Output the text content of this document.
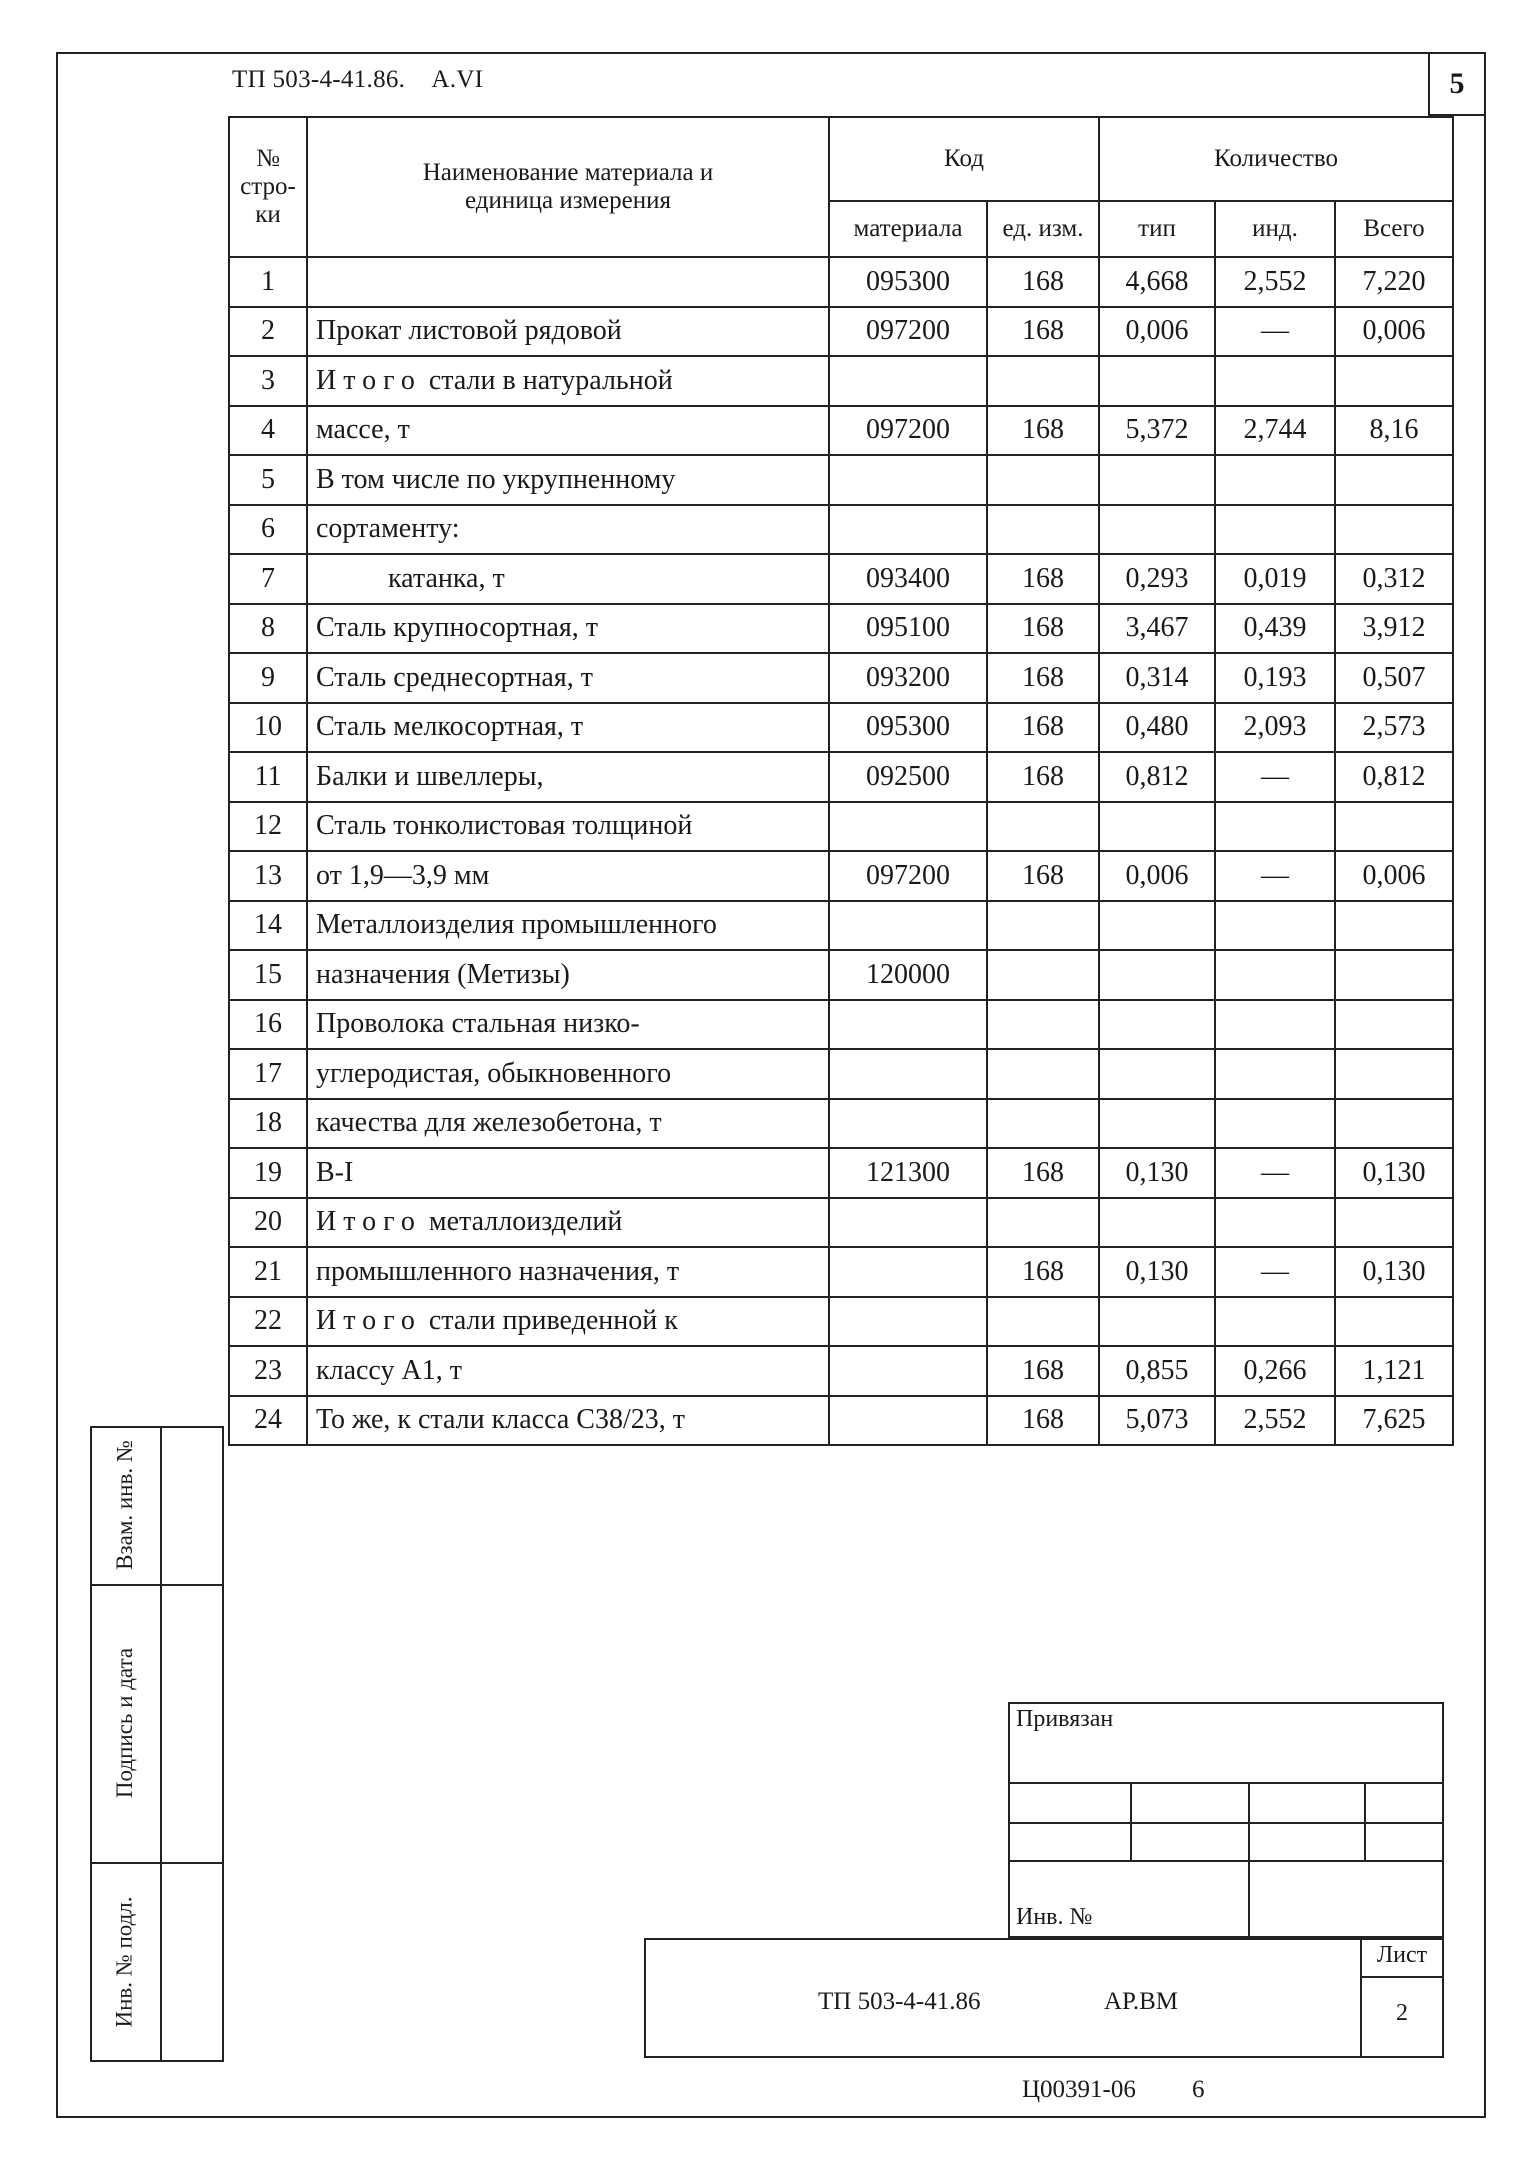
ТП 503-4-41.86.    A.VI	5
№ стро-ки	Наименование материала и единица измерения	Код		Количество		
		материала	ед. изм.	тип	инд.	Всего
1		095300	168	4,668	2,552	7,220
2	Прокат листовой рядовой	097200	168	0,006	—	0,006
3	Итого стали в натуральной					
4	массе, т	097200	168	5,372	2,744	8,16
5	В том числе по укрупненному					
6	сортаменту:					
7	катанка, т	093400	168	0,293	0,019	0,312
8	Сталь крупносортная, т	095100	168	3,467	0,439	3,912
9	Сталь среднесортная, т	093200	168	0,314	0,193	0,507
10	Сталь мелкосортная, т	095300	168	0,480	2,093	2,573
11	Балки и швеллеры,	092500	168	0,812	—	0,812
12	Сталь тонколистовая толщиной					
13	от 1,9—3,9 мм	097200	168	0,006	—	0,006
14	Металлоизделия промышленного					
15	назначения (Метизы)	120000				
16	Проволока стальная низко-					
17	углеродистая, обыкновенного					
18	качества для железобетона, т					
19	В-I	121300	168	0,130	—	0,130
20	Итого металлоизделий					
21	промышленного назначения, т		168	0,130	—	0,130
22	Итого стали приведенной к					
23	классу А1, т		168	0,855	0,266	1,121
24	То же, к стали класса С38/23, т		168	5,073	2,552	7,625
Взам. инв. №
Подпись и дата
Инв. № подл.
Привязан
Инв. №
Лист
2
ТП 503-4-41.86	АР.ВМ
Ц00391-06 6
